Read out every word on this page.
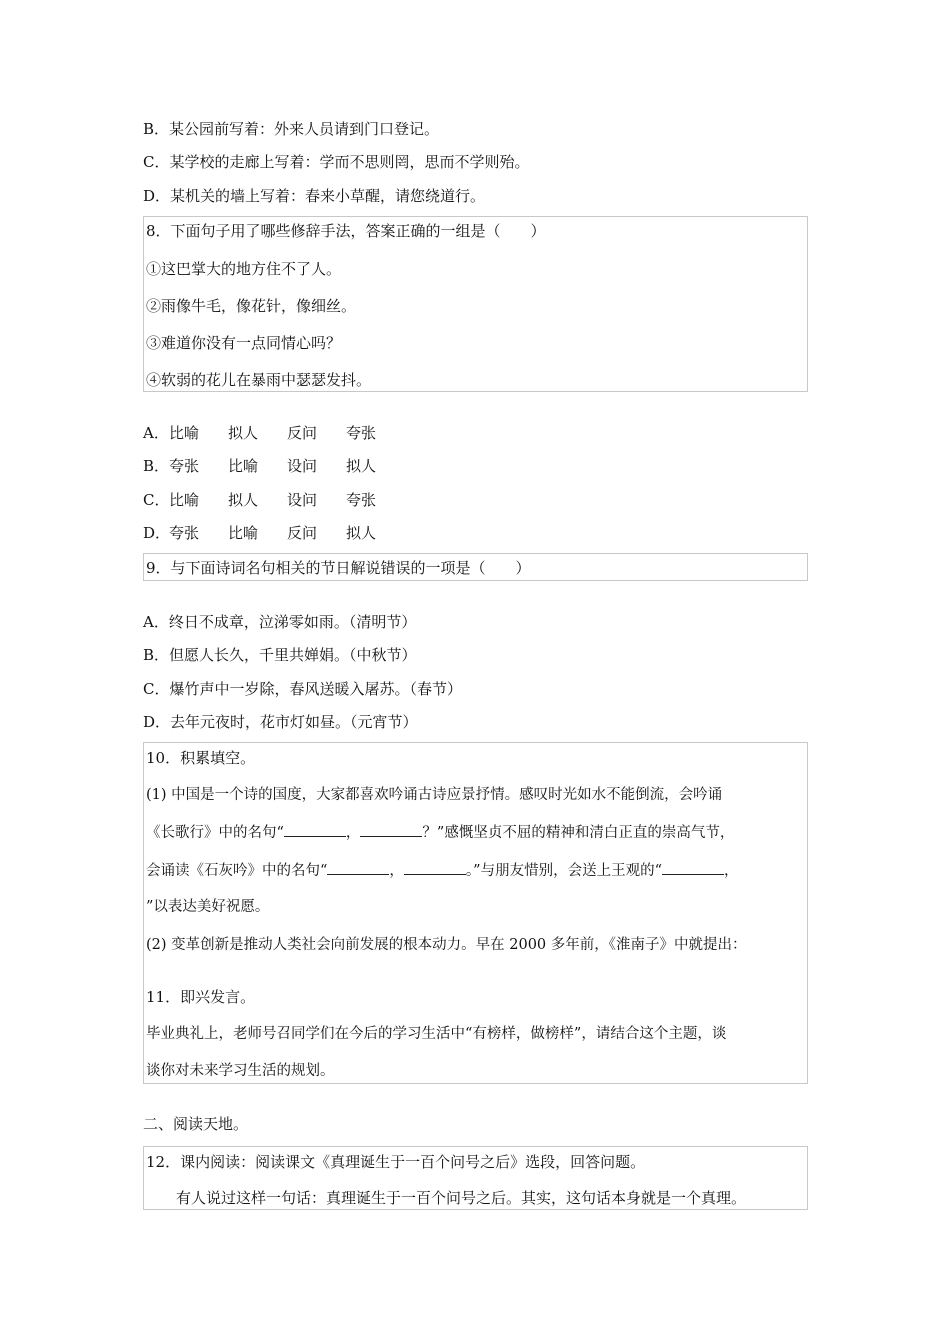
B．某公园前写着：外来人员请到门口登记。
C．某学校的走廊上写着：学而不思则罔，思而不学则殆。
D．某机关的墙上写着：春来小草醒，请您绕道行。
8．下面句子用了哪些修辞手法，答案正确的一组是（　　）
①这巴掌大的地方住不了人。
②雨像牛毛，像花针，像细丝。
③难道你没有一点同情心吗？
④软弱的花儿在暴雨中瑟瑟发抖。
A．比喻 拟人 反问 夸张
B．夸张 比喻 设问 拟人
C．比喻 拟人 设问 夸张
D．夸张 比喻 反问 拟人
9．与下面诗词名句相关的节日解说错误的一项是（　　）
A．终日不成章，泣涕零如雨。（清明节）
B．但愿人长久，千里共婵娟。（中秋节）
C．爆竹声中一岁除，春风送暖入屠苏。（春节）
D．去年元夜时，花市灯如昼。（元宵节）
10．积累填空。
(1) 中国是一个诗的国度，大家都喜欢吟诵古诗应景抒情。感叹时光如水不能倒流，会吟诵
《长歌行》中的名句“	，	？”感慨坚贞不屈的精神和清白正直的崇高气节，
会诵读《石灰吟》中的名句“	，	。”与朋友惜别，会送上王观的“	，
”以表达美好祝愿。
(2) 变革创新是推动人类社会向前发展的根本动力。早在 2000 多年前，《淮南子》中就提出：
11．即兴发言。
毕业典礼上，老师号召同学们在今后的学习生活中“有榜样，做榜样”，请结合这个主题，谈
谈你对未来学习生活的规划。
二、阅读天地。
12．课内阅读：阅读课文《真理诞生于一百个问号之后》选段，回答问题。
有人说过这样一句话：真理诞生于一百个问号之后。其实，这句话本身就是一个真理。
